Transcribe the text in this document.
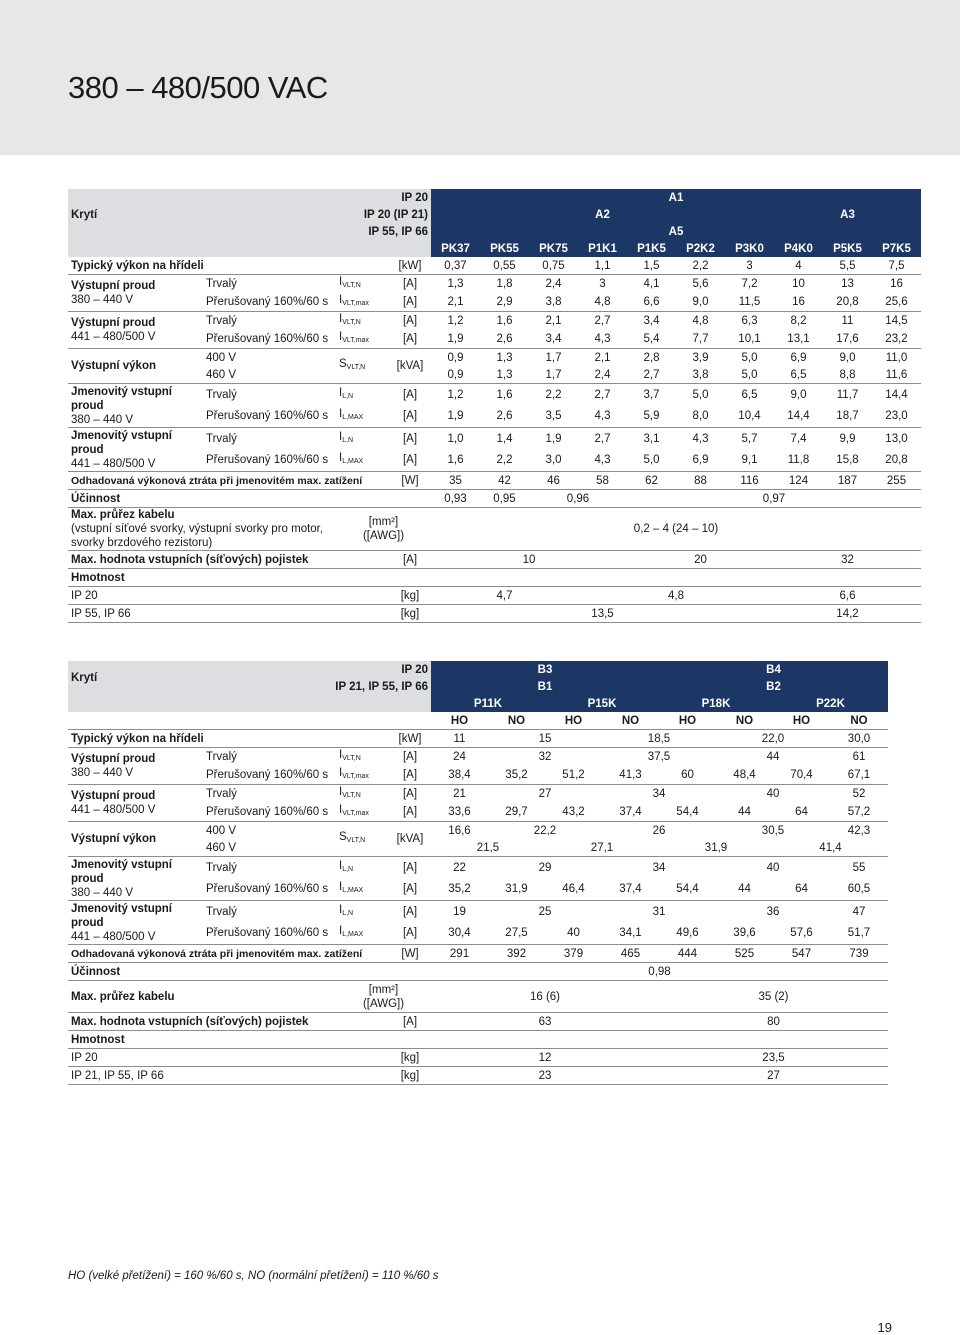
380 – 480/500 VAC
Krytí	IP 20			A1									
	IP 20 (IP 21)			A2							A3		
	IP 55, IP 66			A5									
				PK37	PK55	PK75	P1K1	P1K5	P2K2	P3K0	P4K0	P5K5	P7K5
Typický výkon na hřídeli			[kW]	0,37	0,55	0,75	1,1	1,5	2,2	3	4	5,5	7,5
Výstupní proud
380 – 440 V	Trvalý	$I_{VLT,N}$	[A]	1,3	1,8	2,4	3	4,1	5,6	7,2	10	13	16
	Přerušovaný 160%/60 s	$I_{VLT,max}$	[A]	2,1	2,9	3,8	4,8	6,6	9,0	11,5	16	20,8	25,6
Výstupní proud
441 – 480/500 V	Trvalý	$I_{VLT,N}$	[A]	1,2	1,6	2,1	2,7	3,4	4,8	6,3	8,2	11	14,5
	Přerušovaný 160%/60 s	$I_{VLT,max}$	[A]	1,9	2,6	3,4	4,3	5,4	7,7	10,1	13,1	17,6	23,2
Výstupní výkon	400 V	$S_{VLT,N}$	[kVA]	0,9	1,3	1,7	2,1	2,8	3,9	5,0	6,9	9,0	11,0
	460 V			0,9	1,3	1,7	2,4	2,7	3,8	5,0	6,5	8,8	11,6
Jmenovitý vstupní proud
380 – 440 V	Trvalý	$I_{L,N}$	[A]	1,2	1,6	2,2	2,7	3,7	5,0	6,5	9,0	11,7	14,4
	Přerušovaný 160%/60 s	$I_{L,MAX}$	[A]	1,9	2,6	3,5	4,3	5,9	8,0	10,4	14,4	18,7	23,0
Jmenovitý vstupní proud
441 – 480/500 V	Trvalý	$I_{L,N}$	[A]	1,0	1,4	1,9	2,7	3,1	4,3	5,7	7,4	9,9	13,0
	Přerušovaný 160%/60 s	$I_{L,MAX}$	[A]	1,6	2,2	3,0	4,3	5,0	6,9	9,1	11,8	15,8	20,8
Odhadovaná výkonová ztráta při jmenovitém max. zatížení			[W]	35	42	46	58	62	88	116	124	187	255
Účinnost				0,93	0,95	0,96		0,97					
Max. průřez kabelu
(vstupní síťové svorky, výstupní svorky pro motor, svorky brzdového rezistoru)		[mm²]
([AWG])		0,2 – 4 (24 – 10)									
Max. hodnota vstupních (síťových) pojistek			[A]	10				20			32		
Hmotnost													
IP 20			[kg]	4,7			4,8				6,6		
IP 55, IP 66			[kg]	13,5							14,2		
Krytí	IP 20			B3				B4			
	IP 21, IP 55, IP 66			B1				B2			
				P11K		P15K		P18K		P22K	
				HO	NO	HO	NO	HO	NO	HO	NO
Typický výkon na hřídeli			[kW]	11	15		18,5		22,0		30,0
Výstupní proud
380 – 440 V	Trvalý	$I_{VLT,N}$	[A]	24	32		37,5		44		61
	Přerušovaný 160%/60 s	$I_{VLT,max}$	[A]	38,4	35,2	51,2	41,3	60	48,4	70,4	67,1
Výstupní proud
441 – 480/500 V	Trvalý	$I_{VLT,N}$	[A]	21	27		34		40		52
	Přerušovaný 160%/60 s	$I_{VLT,max}$	[A]	33,6	29,7	43,2	37,4	54,4	44	64	57,2
Výstupní výkon	400 V	$S_{VLT,N}$	[kVA]	16,6	22,2		26		30,5		42,3
	460 V			21,5		27,1		31,9		41,4	
Jmenovitý vstupní proud
380 – 440 V	Trvalý	$I_{L,N}$	[A]	22	29		34		40		55
	Přerušovaný 160%/60 s	$I_{L,MAX}$	[A]	35,2	31,9	46,4	37,4	54,4	44	64	60,5
Jmenovitý vstupní proud
441 – 480/500 V	Trvalý	$I_{L,N}$	[A]	19	25		31		36		47
	Přerušovaný 160%/60 s	$I_{L,MAX}$	[A]	30,4	27,5	40	34,1	49,6	39,6	57,6	51,7
Odhadovaná výkonová ztráta při jmenovitém max. zatížení			[W]	291	392	379	465	444	525	547	739
Účinnost				0,98							
Max. průřez kabelu		[mm²]
([AWG])		16 (6)				35 (2)			
Max. hodnota vstupních (síťových) pojistek			[A]	63				80			
Hmotnost											
IP 20			[kg]	12				23,5			
IP 21, IP 55, IP 66			[kg]	23				27			
HO (velké přetížení) = 160 %/60 s, NO (normální přetížení) = 110 %/60 s
19
